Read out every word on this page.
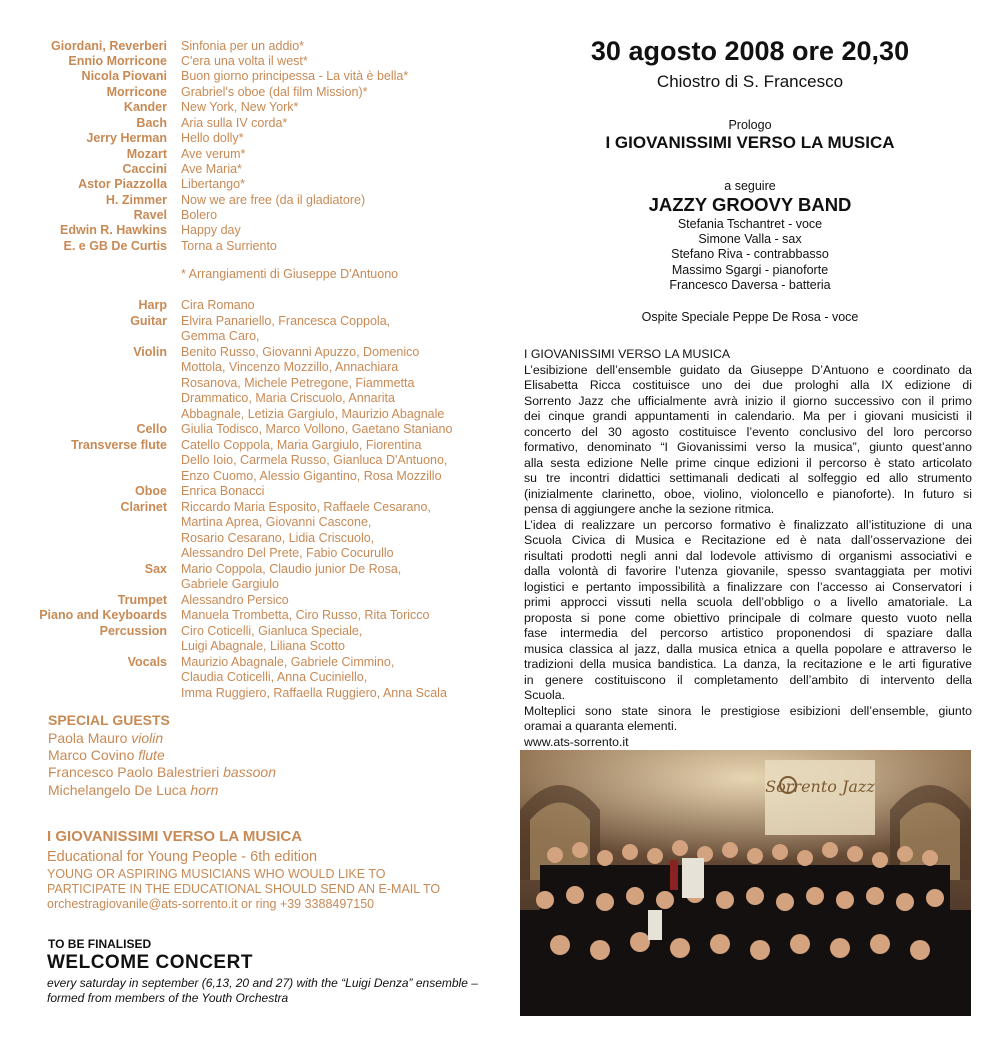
Giordani, Reverberi Sinfonia per un addio*
Ennio Morricone C'era una volta il west*
Nicola Piovani Buon giorno principessa - La vità è bella*
Morricone Grabriel's oboe (dal film Mission)*
Kander New York, New York*
Bach Aria sulla IV corda*
Jerry Herman Hello dolly*
Mozart Ave verum*
Caccini Ave Maria*
Astor Piazzolla Libertango*
H. Zimmer Now we are free (da il gladiatore)
Ravel Bolero
Edwin R. Hawkins Happy day
E. e GB De Curtis Torna a Surriento
* Arrangiamenti di Giuseppe D'Antuono
Harp Cira Romano
Guitar Elvira Panariello, Francesca Coppola,
Gemma Caro,
Violin Benito Russo, Giovanni Apuzzo, Domenico
Mottola, Vincenzo Mozzillo, Annachiara
Rosanova, Michele Petregone, Fiammetta
Drammatico, Maria Criscuolo, Annarita
Abbagnale, Letizia Gargiulo, Maurizio Abagnale
Cello Giulia Todisco, Marco Vollono, Gaetano Staniano
Transverse flute Catello Coppola, Maria Gargiulo, Fiorentina
Dello Ioio, Carmela Russo, Gianluca D'Antuono,
Enzo Cuomo, Alessio Gigantino, Rosa Mozzillo
Oboe Enrica Bonacci
Clarinet Riccardo Maria Esposito, Raffaele Cesarano,
Martina Aprea, Giovanni Cascone,
Rosario Cesarano, Lidia Criscuolo,
Alessandro Del Prete, Fabio Cocurullo
Sax Mario Coppola, Claudio junior De Rosa,
Gabriele Gargiulo
Trumpet Alessandro Persico
Piano and Keyboards Manuela Trombetta, Ciro Russo, Rita Toricco
Percussion Ciro Coticelli, Gianluca Speciale,
Luigi Abagnale, Liliana Scotto
Vocals Maurizio Abagnale, Gabriele Cimmino,
Claudia Coticelli, Anna Cuciniello,
Imma Ruggiero, Raffaella Ruggiero, Anna Scala
SPECIAL GUESTS
Paola Mauro violin
Marco Covino flute
Francesco Paolo Balestrieri bassoon
Michelangelo De Luca horn
I GIOVANISSIMI VERSO LA MUSICA
Educational for Young People - 6th edition
YOUNG OR ASPIRING MUSICIANS WHO WOULD LIKE TO
PARTICIPATE IN THE EDUCATIONAL SHOULD SEND AN E-MAIL TO
orchestragiovanile@ats-sorrento.it or ring +39 3388497150
TO BE FINALISED
WELCOME CONCERT
every saturday in september (6,13, 20 and 27) with the “Luigi Denza” ensemble – formed from members of the Youth Orchestra
30 agosto 2008 ore 20,30
Chiostro di S. Francesco
Prologo
I GIOVANISSIMI VERSO LA MUSICA
a seguire
JAZZY GROOVY BAND
Stefania Tschantret - voce
Simone Valla - sax
Stefano Riva - contrabbasso
Massimo Sgargi - pianoforte
Francesco Daversa - batteria
Ospite Speciale Peppe De Rosa - voce
I GIOVANISSIMI VERSO LA MUSICA
L’esibizione dell’ensemble guidato da Giuseppe D’Antuono e coordinato da
Elisabetta Ricca costituisce uno dei due prologhi alla IX edizione di
Sorrento Jazz che ufficialmente avrà inizio il giorno successivo con il primo
dei cinque grandi appuntamenti in calendario. Ma per i giovani musicisti il
concerto del 30 agosto costituisce l’evento conclusivo del loro percorso
formativo, denominato “I Giovanissimi verso la musica”, giunto quest’anno
alla sesta edizione Nelle prime cinque edizioni il percorso è stato articolato
su tre incontri didattici settimanali dedicati al solfeggio ed allo strumento
(inizialmente clarinetto, oboe, violino, violoncello e pianoforte). In futuro si
pensa di aggiungere anche la sezione ritmica.
L’idea di realizzare un percorso formativo è finalizzato all’istituzione di una
Scuola Civica di Musica e Recitazione ed è nata dall’osservazione dei
risultati prodotti negli anni dal lodevole attivismo di organismi associativi e
dalla volontà di favorire l’utenza giovanile, spesso svantaggiata per motivi
logistici e pertanto impossibilità a finalizzare con l’accesso ai Conservatori i
primi approcci vissuti nella scuola dell’obbligo o a livello amatoriale. La
proposta si pone come obiettivo principale di colmare questo vuoto nella
fase intermedia del percorso artistico proponendosi di spaziare dalla
musica classica al jazz, dalla musica etnica a quella popolare e attraverso le
tradizioni della musica bandistica. La danza, la recitazione e le arti figurative
in genere costituiscono il completamento dell’ambito di intervento della
Scuola.
Molteplici sono state sinora le prestigiose esibizioni dell’ensemble, giunto
oramai a quaranta elementi.
www.ats-sorrento.it
Sorrento Jazz
